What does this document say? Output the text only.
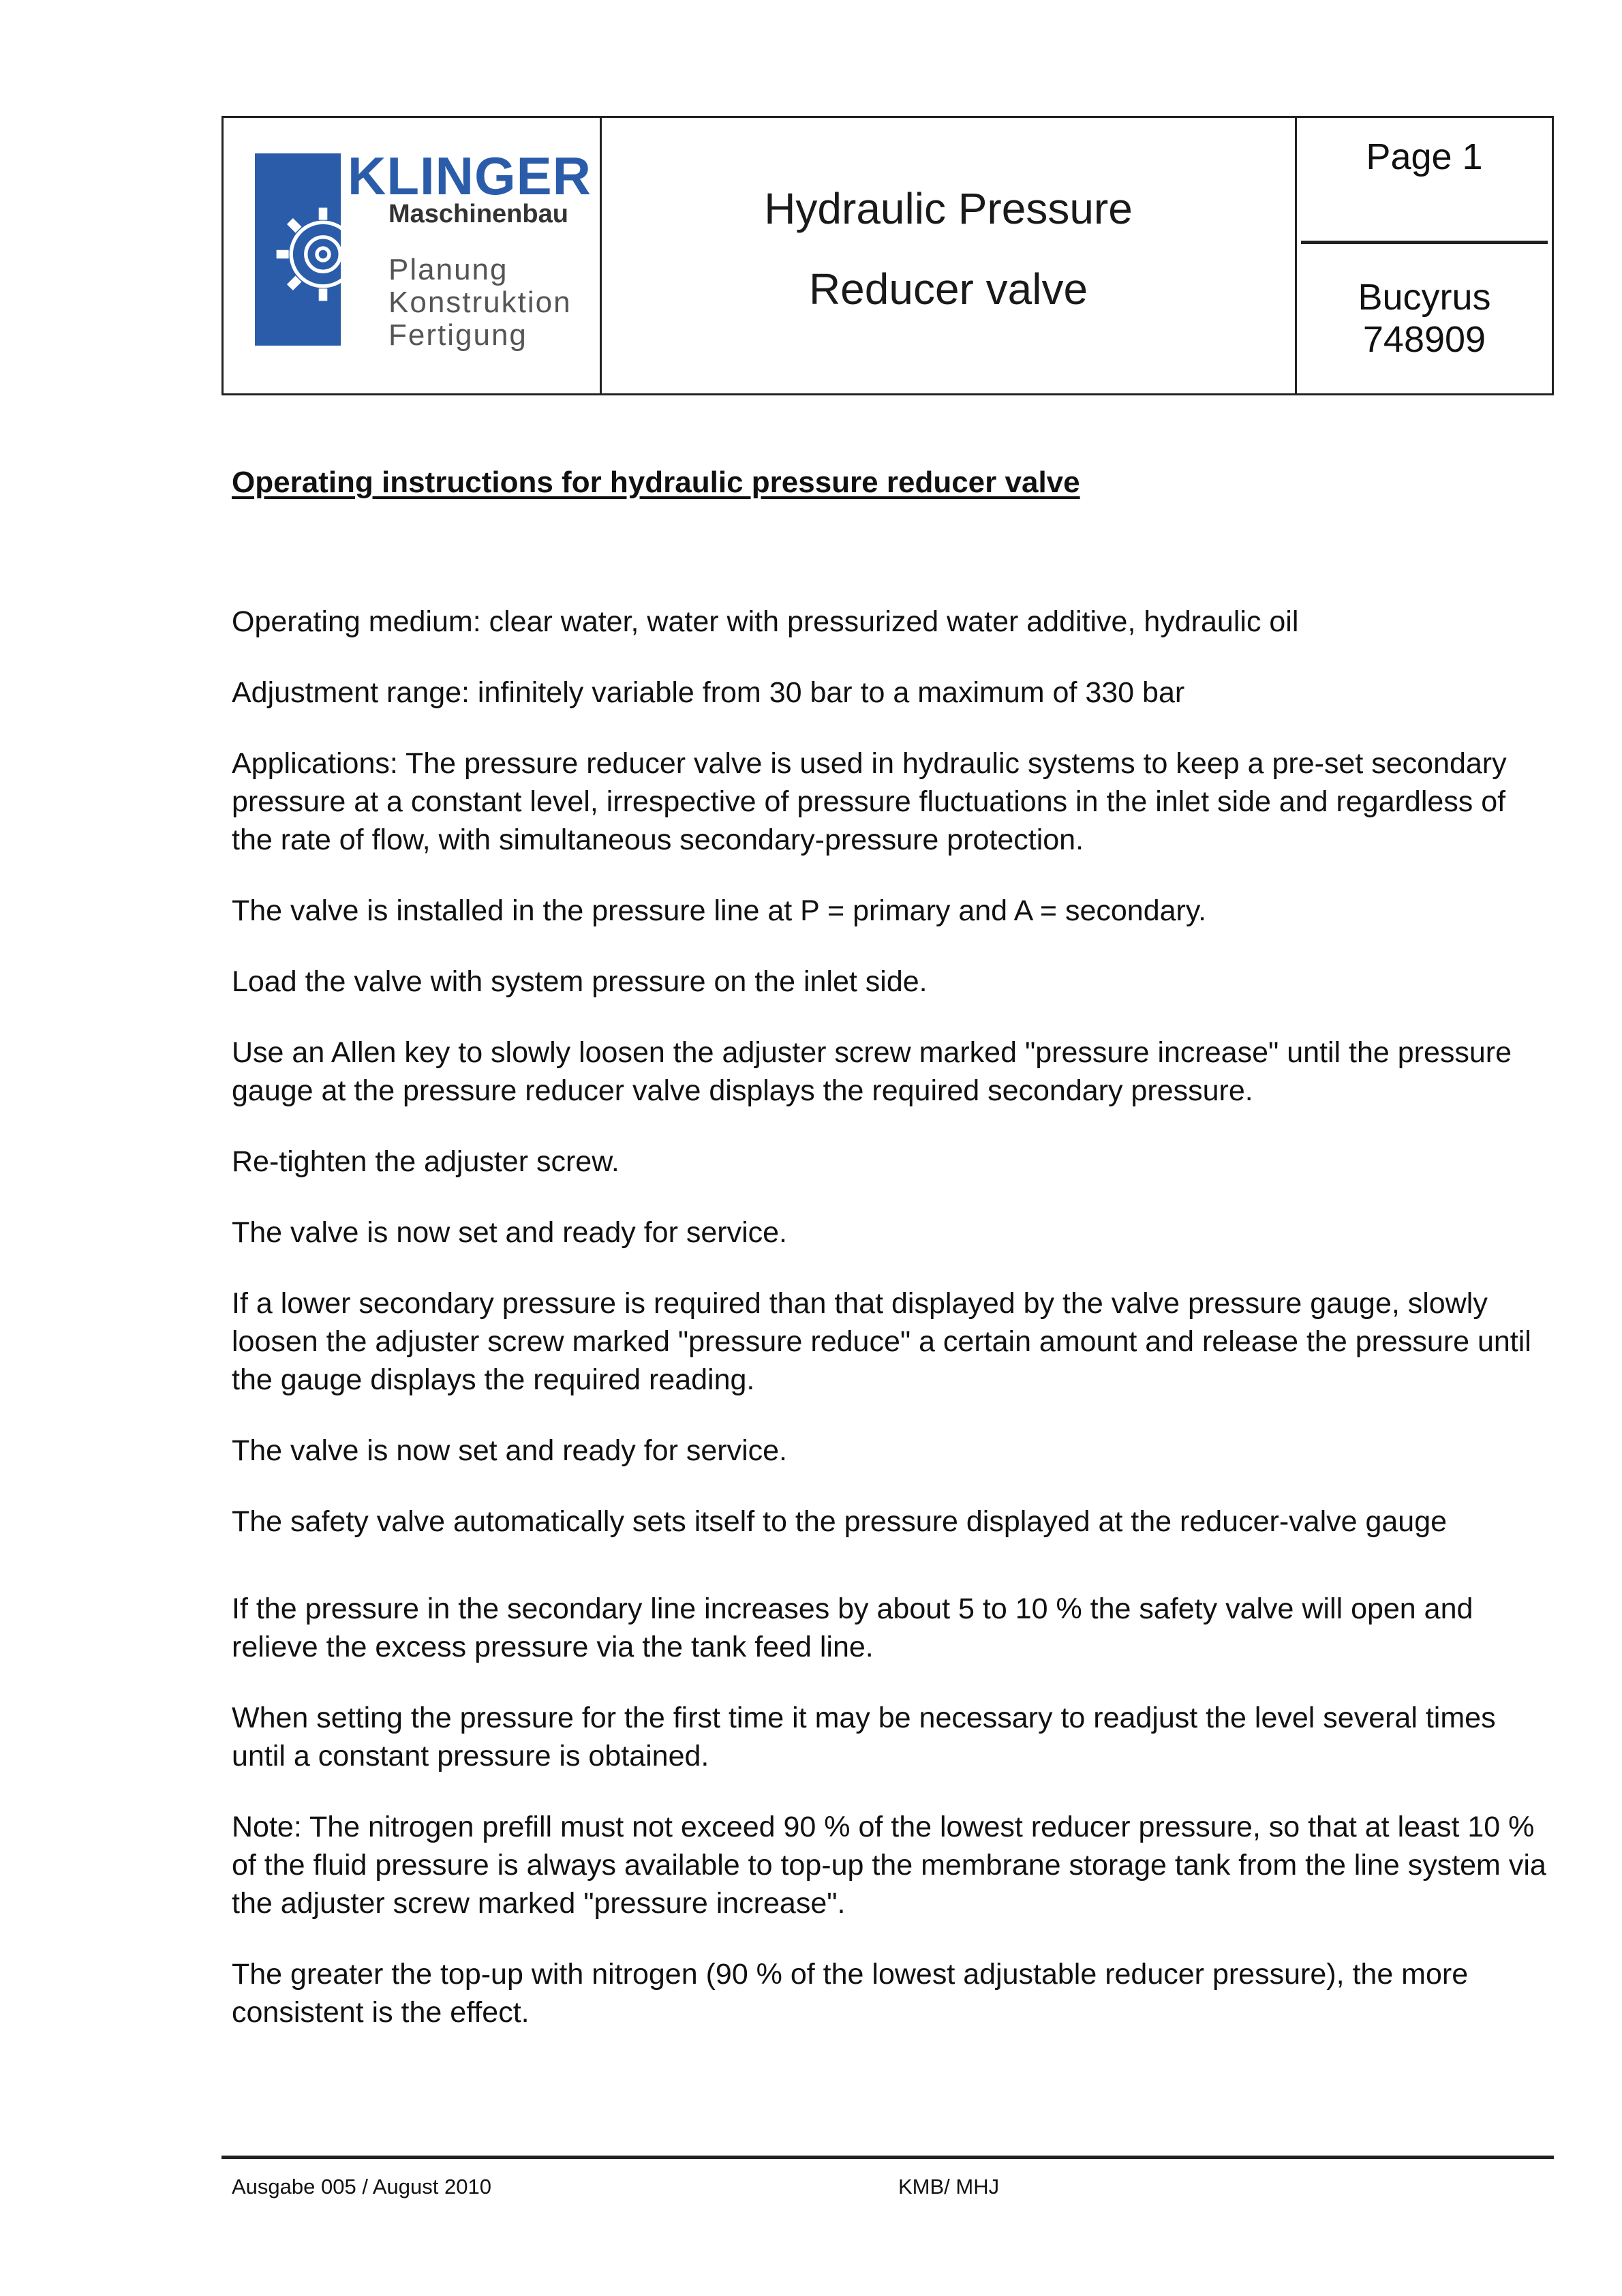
KLINGER
Maschinenbau
Planung
Konstruktion
Fertigung
Hydraulic Pressure
Reducer valve
Page 1
Bucyrus
748909
Operating instructions for hydraulic pressure reducer valve

Operating medium: clear water, water with pressurized water additive, hydraulic oil

Adjustment range: infinitely variable from 30 bar to a maximum of 330 bar

Applications: The pressure reducer valve is used in hydraulic systems to keep a pre-set secondary pressure at a constant level, irrespective of pressure fluctuations in the inlet side and regardless of the rate of flow, with simultaneous secondary-pressure protection.

The valve is installed in the pressure line at P = primary and A = secondary.

Load the valve with system pressure on the inlet side.

Use an Allen key to slowly loosen the adjuster screw marked "pressure increase" until the pressure gauge at the pressure reducer valve displays the required secondary pressure.

Re-tighten the adjuster screw.

The valve is now set and ready for service.

If a lower secondary pressure is required than that displayed by the valve pressure gauge, slowly loosen the adjuster screw marked "pressure reduce" a certain amount and release the pressure until the gauge displays the required reading.

The valve is now set and ready for service.

The safety valve automatically sets itself to the pressure displayed at the reducer-valve gauge

If the pressure in the secondary line increases by about 5 to 10 % the safety valve will open and relieve the excess pressure via the tank feed line.

When setting the pressure for the first time it may be necessary to readjust the level several times until a constant pressure is obtained.

Note: The nitrogen prefill must not exceed 90 % of the lowest reducer pressure, so that at least 10 % of the fluid pressure is always available to top-up the membrane storage tank from the line system via the adjuster screw marked "pressure increase".

The greater the top-up with nitrogen (90 % of the lowest adjustable reducer pressure), the more consistent is the effect.

Ausgabe 005 / August 2010	KMB/ MHJ
